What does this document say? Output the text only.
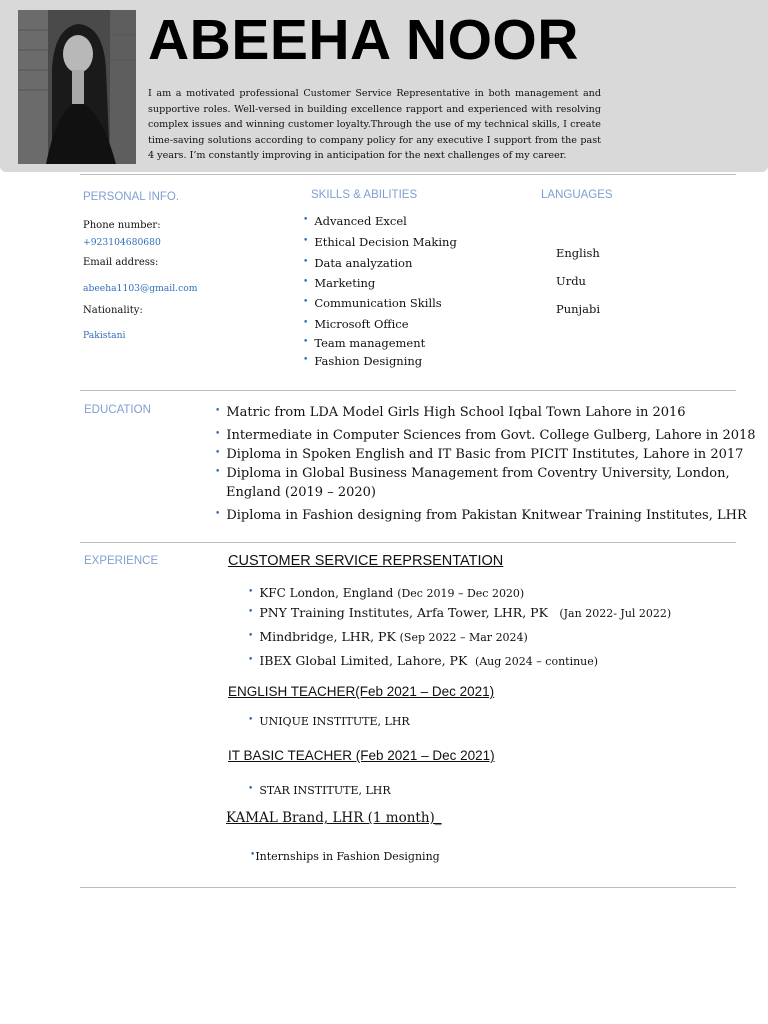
ABEEHA NOOR
I am a motivated professional Customer Service Representative in both management and supportive roles. Well-versed in building excellence rapport and experienced with resolving complex issues and winning customer loyalty.Through the use of my technical skills, I create time-saving solutions according to company policy for any executive I support from the past 4 years. I’m constantly improving in anticipation for the next challenges of my career.
PERSONAL INFO.
Phone number:
+923104680680
Email address:
abeeha1103@gmail.com
Nationality:
Pakistani
SKILLS & ABILITIES
• Advanced Excel
• Ethical Decision Making
• Data analyzation
• Marketing
• Communication Skills
• Microsoft Office
• Team management
• Fashion Designing
LANGUAGES
English
Urdu
Punjabi
EDUCATION	• Matric from LDA Model Girls High School Iqbal Town Lahore in 2016
• Intermediate in Computer Sciences from Govt. College Gulberg, Lahore in 2018
• Diploma in Spoken English and IT Basic from PICIT Institutes, Lahore in 2017
• Diploma in Global Business Management from Coventry University, London,
England (2019 – 2020)
• Diploma in Fashion designing from Pakistan Knitwear Training Institutes, LHR
EXPERIENCE	CUSTOMER SERVICE REPRSENTATION
• KFC London, England (Dec 2019 – Dec 2020)
• PNY Training Institutes, Arfa Tower, LHR, PK (Jan 2022- Jul 2022)
• Mindbridge, LHR, PK (Sep 2022 – Mar 2024)
• IBEX Global Limited, Lahore, PK (Aug 2024 – continue)
ENGLISH TEACHER(Feb 2021 – Dec 2021)
• UNIQUE INSTITUTE, LHR
IT BASIC TEACHER (Feb 2021 – Dec 2021)
• STAR INSTITUTE, LHR
KAMAL Brand, LHR (1 month)_
•Internships in Fashion Designing
